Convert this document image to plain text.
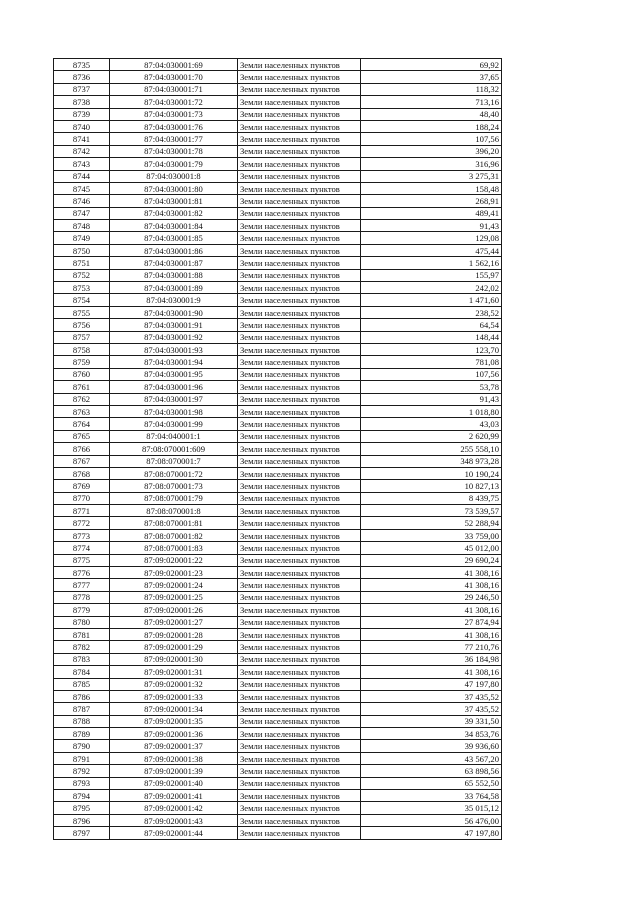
8735	87:04:030001:69	Земли населенных пунктов	69,92
8736	87:04:030001:70	Земли населенных пунктов	37,65
8737	87:04:030001:71	Земли населенных пунктов	118,32
8738	87:04:030001:72	Земли населенных пунктов	713,16
8739	87:04:030001:73	Земли населенных пунктов	48,40
8740	87:04:030001:76	Земли населенных пунктов	188,24
8741	87:04:030001:77	Земли населенных пунктов	107,56
8742	87:04:030001:78	Земли населенных пунктов	396,20
8743	87:04:030001:79	Земли населенных пунктов	316,96
8744	87:04:030001:8	Земли населенных пунктов	3 275,31
8745	87:04:030001:80	Земли населенных пунктов	158,48
8746	87:04:030001:81	Земли населенных пунктов	268,91
8747	87:04:030001:82	Земли населенных пунктов	489,41
8748	87:04:030001:84	Земли населенных пунктов	91,43
8749	87:04:030001:85	Земли населенных пунктов	129,08
8750	87:04:030001:86	Земли населенных пунктов	475,44
8751	87:04:030001:87	Земли населенных пунктов	1 562,16
8752	87:04:030001:88	Земли населенных пунктов	155,97
8753	87:04:030001:89	Земли населенных пунктов	242,02
8754	87:04:030001:9	Земли населенных пунктов	1 471,60
8755	87:04:030001:90	Земли населенных пунктов	238,52
8756	87:04:030001:91	Земли населенных пунктов	64,54
8757	87:04:030001:92	Земли населенных пунктов	148,44
8758	87:04:030001:93	Земли населенных пунктов	123,70
8759	87:04:030001:94	Земли населенных пунктов	781,08
8760	87:04:030001:95	Земли населенных пунктов	107,56
8761	87:04:030001:96	Земли населенных пунктов	53,78
8762	87:04:030001:97	Земли населенных пунктов	91,43
8763	87:04:030001:98	Земли населенных пунктов	1 018,80
8764	87:04:030001:99	Земли населенных пунктов	43,03
8765	87:04:040001:1	Земли населенных пунктов	2 620,99
8766	87:08:070001:609	Земли населенных пунктов	255 558,10
8767	87:08:070001:7	Земли населенных пунктов	348 973,28
8768	87:08:070001:72	Земли населенных пунктов	10 190,24
8769	87:08:070001:73	Земли населенных пунктов	10 827,13
8770	87:08:070001:79	Земли населенных пунктов	8 439,75
8771	87:08:070001:8	Земли населенных пунктов	73 539,57
8772	87:08:070001:81	Земли населенных пунктов	52 288,94
8773	87:08:070001:82	Земли населенных пунктов	33 759,00
8774	87:08:070001:83	Земли населенных пунктов	45 012,00
8775	87:09:020001:22	Земли населенных пунктов	29 690,24
8776	87:09:020001:23	Земли населенных пунктов	41 308,16
8777	87:09:020001:24	Земли населенных пунктов	41 308,16
8778	87:09:020001:25	Земли населенных пунктов	29 246,50
8779	87:09:020001:26	Земли населенных пунктов	41 308,16
8780	87:09:020001:27	Земли населенных пунктов	27 874,94
8781	87:09:020001:28	Земли населенных пунктов	41 308,16
8782	87:09:020001:29	Земли населенных пунктов	77 210,76
8783	87:09:020001:30	Земли населенных пунктов	36 184,98
8784	87:09:020001:31	Земли населенных пунктов	41 308,16
8785	87:09:020001:32	Земли населенных пунктов	47 197,80
8786	87:09:020001:33	Земли населенных пунктов	37 435,52
8787	87:09:020001:34	Земли населенных пунктов	37 435,52
8788	87:09:020001:35	Земли населенных пунктов	39 331,50
8789	87:09:020001:36	Земли населенных пунктов	34 853,76
8790	87:09:020001:37	Земли населенных пунктов	39 936,60
8791	87:09:020001:38	Земли населенных пунктов	43 567,20
8792	87:09:020001:39	Земли населенных пунктов	63 898,56
8793	87:09:020001:40	Земли населенных пунктов	65 552,50
8794	87:09:020001:41	Земли населенных пунктов	33 764,58
8795	87:09:020001:42	Земли населенных пунктов	35 015,12
8796	87:09:020001:43	Земли населенных пунктов	56 476,00
8797	87:09:020001:44	Земли населенных пунктов	47 197,80
